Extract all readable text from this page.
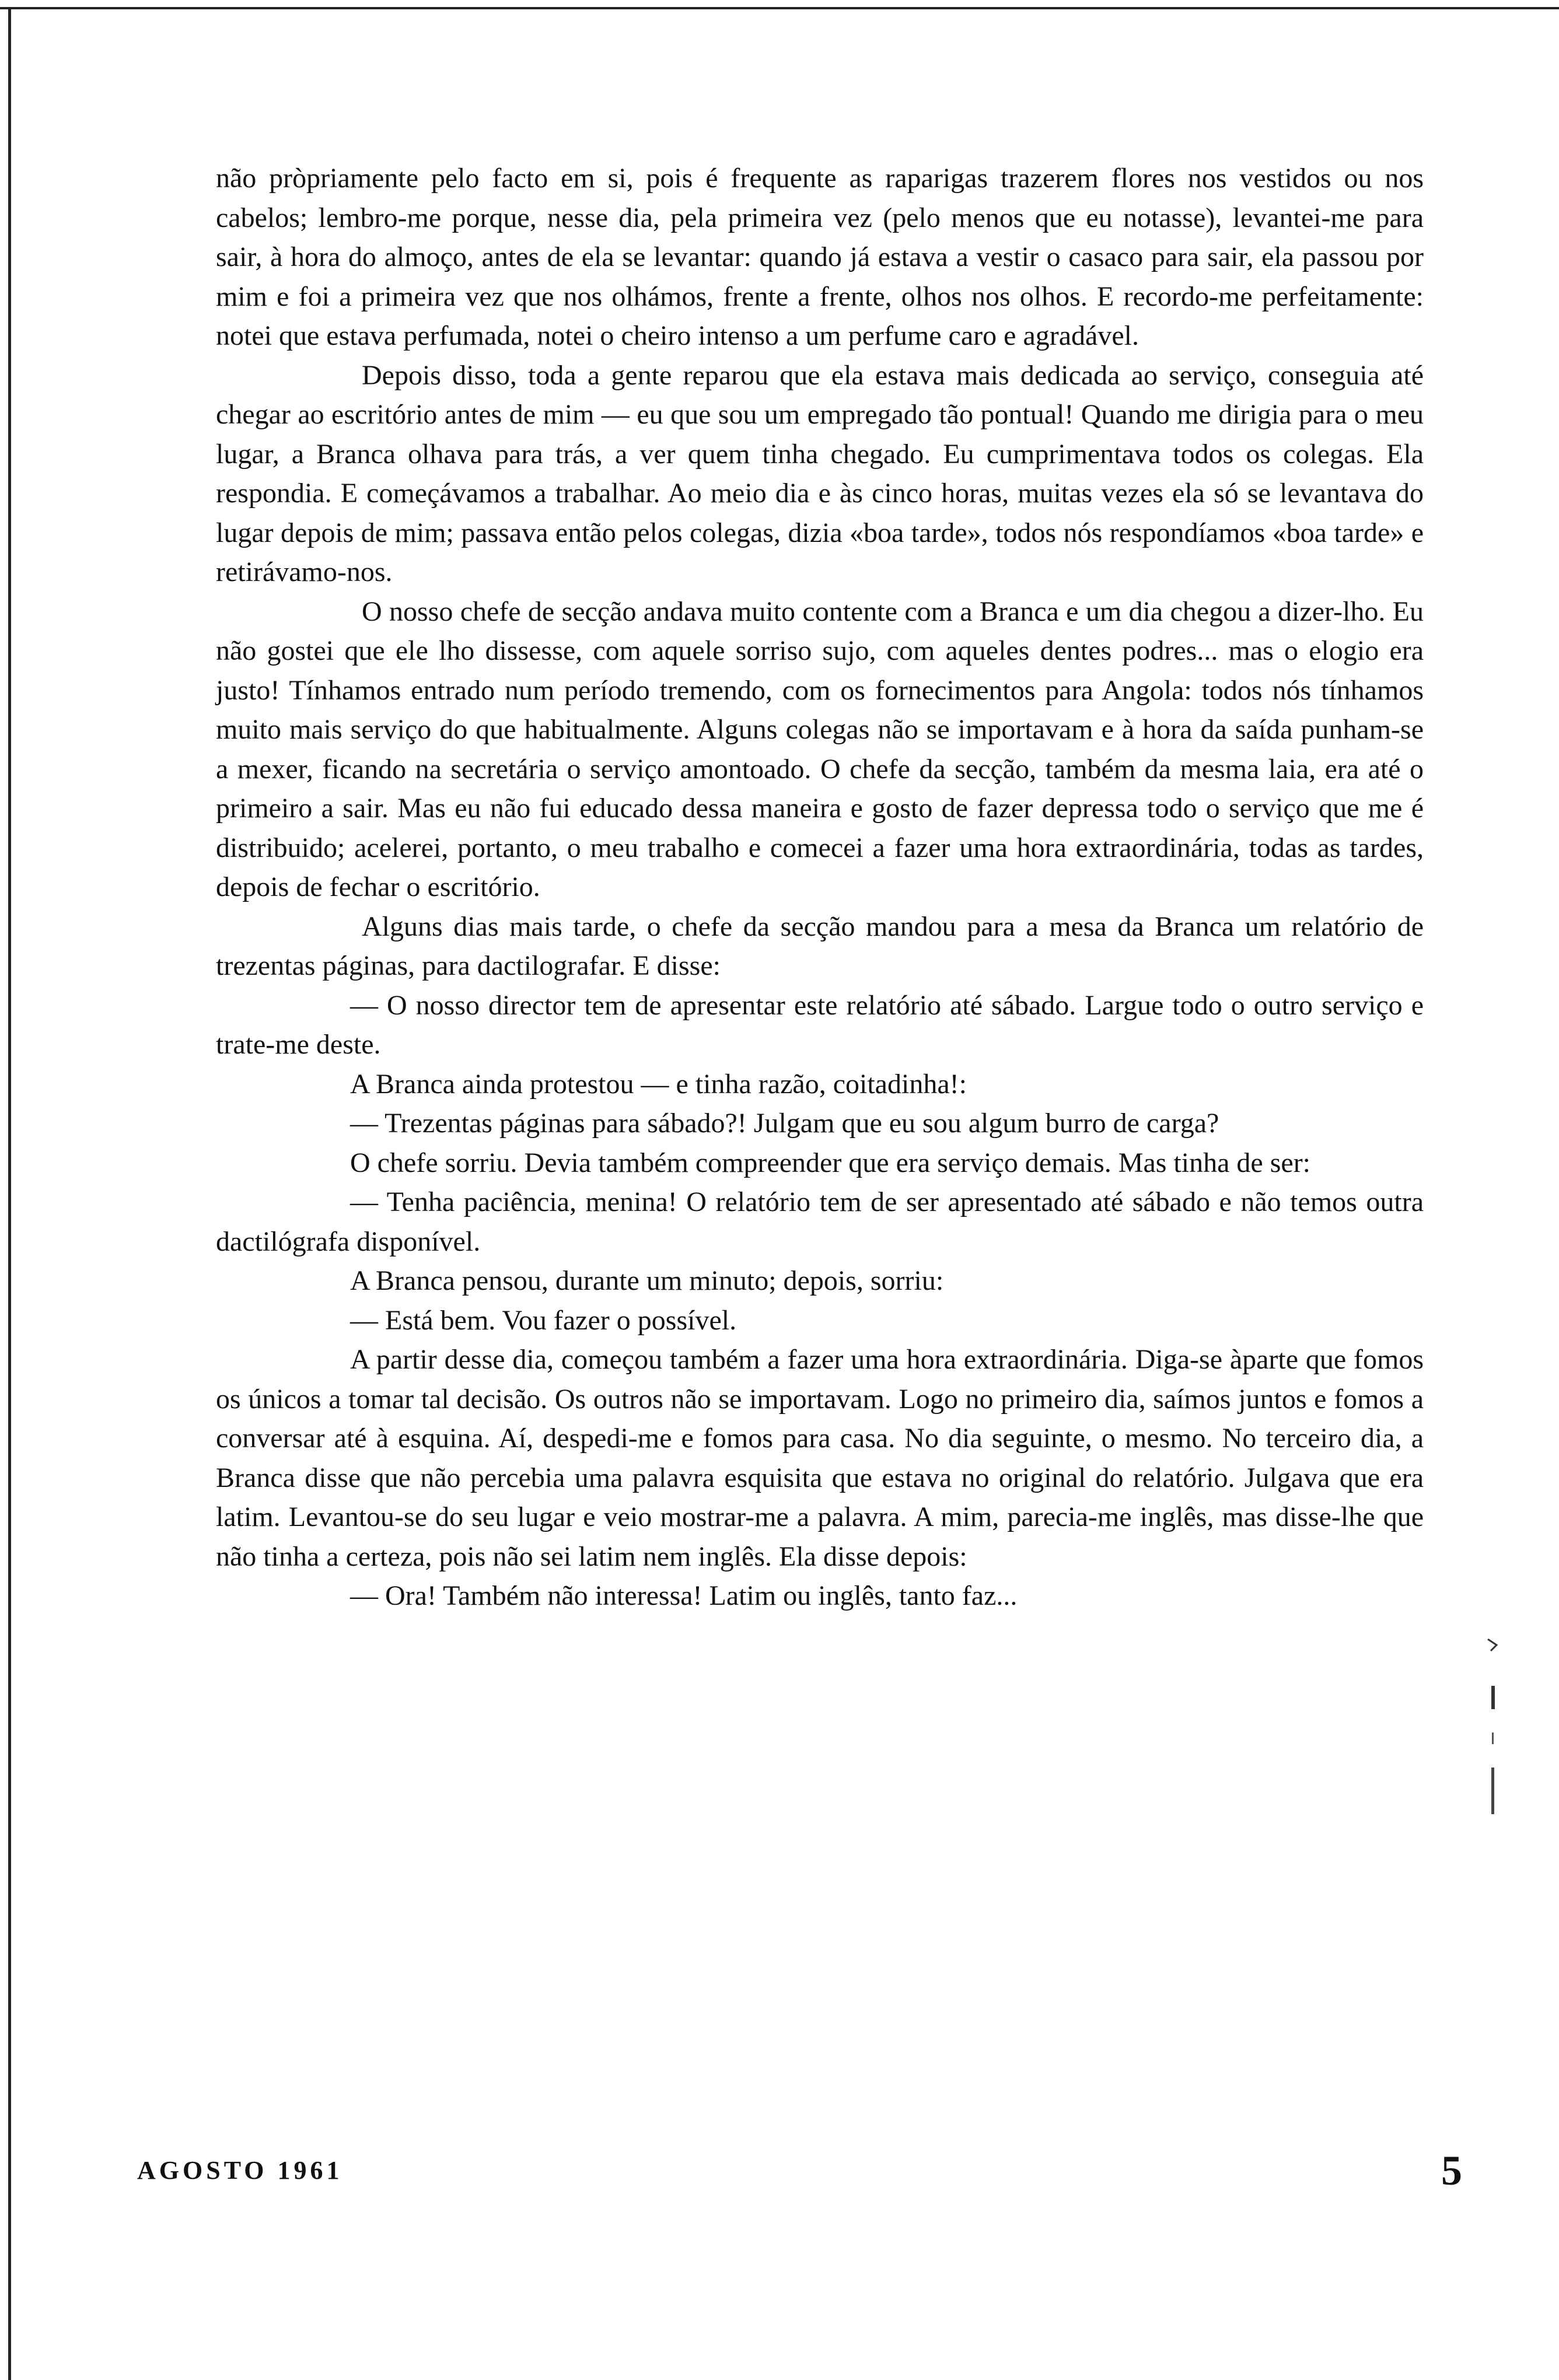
não pròpriamente pelo facto em si, pois é frequente as raparigas trazerem flores nos vestidos ou nos cabelos; lembro-me porque, nesse dia, pela primeira vez (pelo menos que eu notasse), levantei-me para sair, à hora do almoço, antes de ela se levantar: quando já estava a vestir o casaco para sair, ela passou por mim e foi a primeira vez que nos olhámos, frente a frente, olhos nos olhos. E recordo-me perfeitamente: notei que estava perfumada, notei o cheiro intenso a um perfume caro e agradável.

Depois disso, toda a gente reparou que ela estava mais dedicada ao serviço, conseguia até chegar ao escritório antes de mim — eu que sou um empregado tão pontual! Quando me dirigia para o meu lugar, a Branca olhava para trás, a ver quem tinha chegado. Eu cumprimentava todos os colegas. Ela respondia. E começávamos a trabalhar. Ao meio dia e às cinco horas, muitas vezes ela só se levantava do lugar depois de mim; passava então pelos colegas, dizia «boa tarde», todos nós respondíamos «boa tarde» e retirávamo-nos.

O nosso chefe de secção andava muito contente com a Branca e um dia chegou a dizer-lho. Eu não gostei que ele lho dissesse, com aquele sorriso sujo, com aqueles dentes podres... mas o elogio era justo! Tínhamos entrado num período tremendo, com os fornecimentos para Angola: todos nós tínhamos muito mais serviço do que habitualmente. Alguns colegas não se importavam e à hora da saída punham-se a mexer, ficando na secretária o serviço amontoado. O chefe da secção, também da mesma laia, era até o primeiro a sair. Mas eu não fui educado dessa maneira e gosto de fazer depressa todo o serviço que me é distribuido; acelerei, portanto, o meu trabalho e comecei a fazer uma hora extraordinária, todas as tardes, depois de fechar o escritório.

Alguns dias mais tarde, o chefe da secção mandou para a mesa da Branca um relatório de trezentas páginas, para dactilografar. E disse:

— O nosso director tem de apresentar este relatório até sábado. Largue todo o outro serviço e trate-me deste.

A Branca ainda protestou — e tinha razão, coitadinha!:

— Trezentas páginas para sábado?! Julgam que eu sou algum burro de carga?

O chefe sorriu. Devia também compreender que era serviço demais. Mas tinha de ser:

— Tenha paciência, menina! O relatório tem de ser apresentado até sábado e não temos outra dactilógrafa disponível.

A Branca pensou, durante um minuto; depois, sorriu:

— Está bem. Vou fazer o possível.

A partir desse dia, começou também a fazer uma hora extraordinária. Diga-se àparte que fomos os únicos a tomar tal decisão. Os outros não se importavam. Logo no primeiro dia, saímos juntos e fomos a conversar até à esquina. Aí, despedi-me e fomos para casa. No dia seguinte, o mesmo. No terceiro dia, a Branca disse que não percebia uma palavra esquisita que estava no original do relatório. Julgava que era latim. Levantou-se do seu lugar e veio mostrar-me a palavra. A mim, parecia-me inglês, mas disse-lhe que não tinha a certeza, pois não sei latim nem inglês. Ela disse depois:

— Ora! Também não interessa! Latim ou inglês, tanto faz...

AGOSTO 1961	5
